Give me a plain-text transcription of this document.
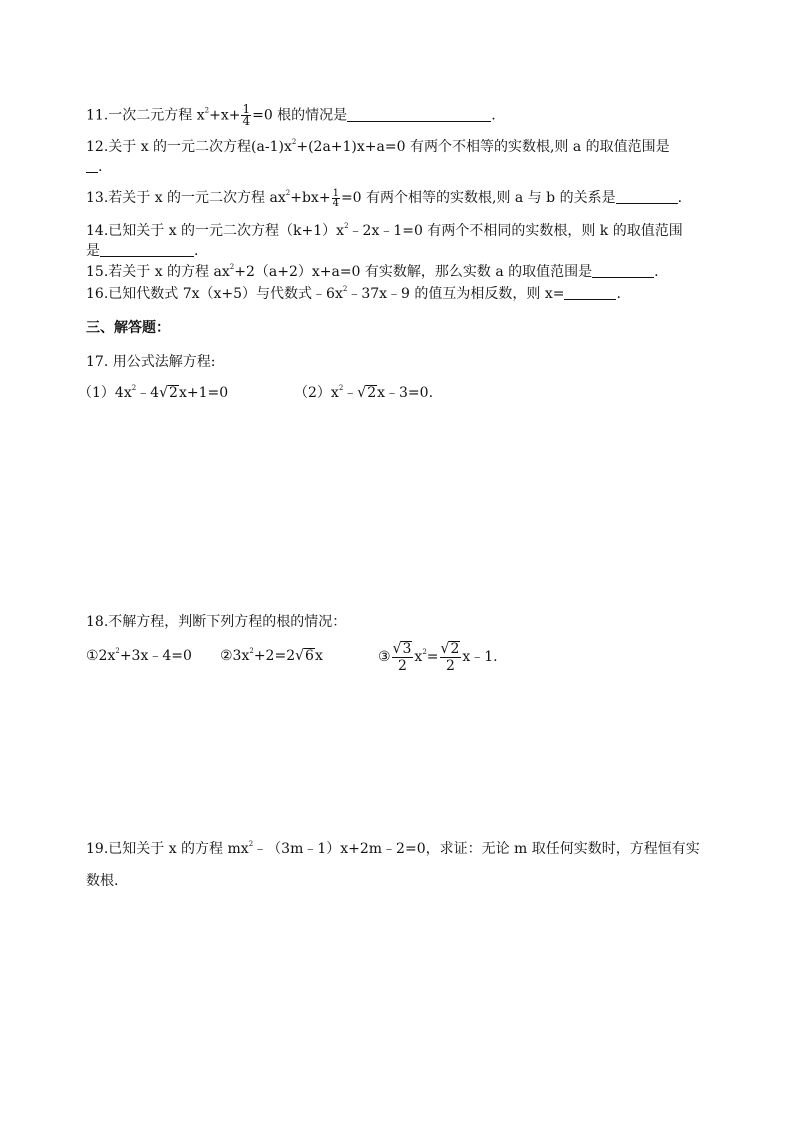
11.一次二元方程 $x^2+x+ \frac{1}{4} =0$ 根的情况是	.
12.关于 x 的一元二次方程$(a-1)x^2+(2a+1)x+a=0$ 有两个不相等的实数根,则 a 的取值范围是
.
13.若关于 x 的一元二次方程 $ax^2+bx+ \frac{1}{4} =0$ 有两个相等的实数根,则 a 与 b 的关系是	.
14.已知关于 x 的一元二次方程$(k+1)x^2﹣2x﹣1=0$ 有两个不相同的实数根，则 k 的取值范围
是	.
15.若关于 x 的方程 $ax^2+2(a+2)x+a=0$ 有实数解，那么实数 a 的取值范围是	.
16.已知代数式 7x（x+5）与代数式$﹣6x^2﹣37x﹣9$ 的值互为相反数，则 x=	.
三、解答题：
17. 用公式法解方程:
$(1)4x^2﹣4√2x+1=0$	$(2)x^2﹣√2x﹣3=0$.
18.不解方程，判断下列方程的根的情况：
$①2x^2+3x﹣4=0$ $②3x^2+2=2√6x$	③ $\frac{√3}{2} x^2= \frac{√2}{2}$ x﹣1.
19.已知关于 x 的方程 $mx^2﹣(3m﹣1)x+2m﹣2=0$，求证：无论 m 取任何实数时，方程恒有实
数根.
